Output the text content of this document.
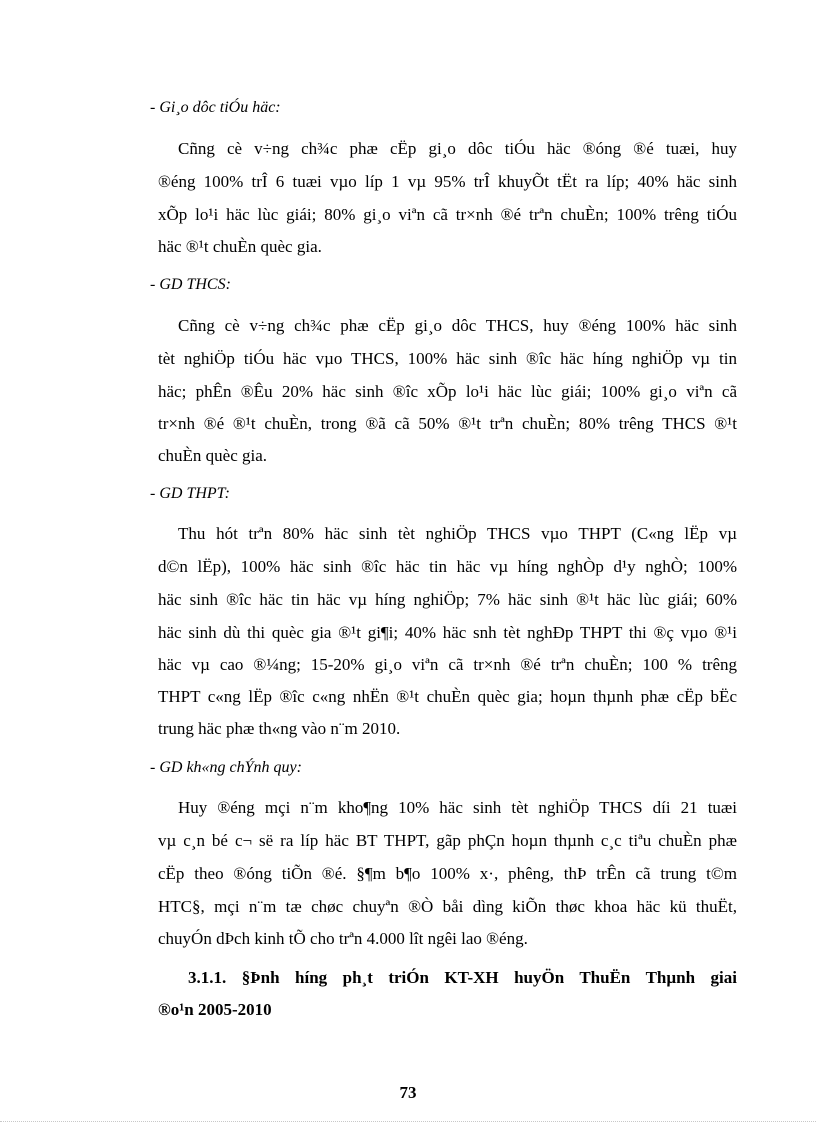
- Gi¸o dôc tiÓu häc:
Cñng cè v÷ng ch¾c phæ cËp gi¸o dôc tiÓu häc ®óng ®é tuæi, huy
®éng 100% trÎ 6 tuæi vµo líp 1 vµ 95% trÎ khuyÕt tËt ra líp; 40% häc sinh
xÕp lo¹i häc lùc giái; 80% gi¸o viªn cã tr×nh ®é trªn chuÈn; 100% trêng tiÓu
häc ®¹t chuÈn quèc gia.
- GD THCS:
Cñng cè v÷ng ch¾c phæ cËp gi¸o dôc THCS, huy ®éng 100% häc sinh
tèt nghiÖp tiÓu häc vµo THCS, 100% häc sinh ®îc häc híng nghiÖp vµ tin
häc; phÊn ®Êu 20% häc sinh ®îc xÕp lo¹i häc lùc giái; 100% gi¸o viªn cã
tr×nh ®é ®¹t chuÈn, trong ®ã cã 50% ®¹t trªn chuÈn; 80% trêng THCS ®¹t
chuÈn quèc gia.
- GD THPT:
Thu hót trªn 80% häc sinh tèt nghiÖp THCS vµo THPT (C«ng lËp vµ
d©n lËp), 100% häc sinh ®îc häc tin häc vµ híng nghÒp d¹y nghÒ; 100%
häc sinh ®îc häc tin häc vµ híng nghiÖp; 7% häc sinh ®¹t häc lùc giái; 60%
häc sinh dù thi quèc gia ®¹t gi¶i; 40% häc snh tèt nghÐp THPT thi ®ç vµo ®¹i
häc vµ cao ®¼ng; 15-20% gi¸o viªn cã tr×nh ®é trªn chuÈn; 100 % trêng
THPT c«ng lËp ®îc c«ng nhËn ®¹t chuÈn quèc gia; hoµn thµnh phæ cËp bËc
trung häc phæ th«ng vào n¨m 2010.
- GD kh«ng chÝnh quy:
Huy ®éng mçi n¨m kho¶ng 10% häc sinh tèt nghiÖp THCS díi 21 tuæi
vµ c¸n bé c¬ së ra líp häc BT THPT, gãp phÇn hoµn thµnh c¸c tiªu chuÈn phæ
cËp theo ®óng tiÕn ®é. §¶m b¶o 100% x·, phêng, thÞ trÊn cã trung t©m
HTC§, mçi n¨m tæ chøc chuyªn ®Ò båi dìng kiÕn thøc khoa häc kü thuËt,
chuyÓn dÞch kinh tÕ cho trªn 4.000 lît ngêi lao ®éng.
3.1.1. §Þnh híng ph¸t triÓn KT-XH huyÖn ThuËn Thµnh giai
®o¹n 2005-2010
73
